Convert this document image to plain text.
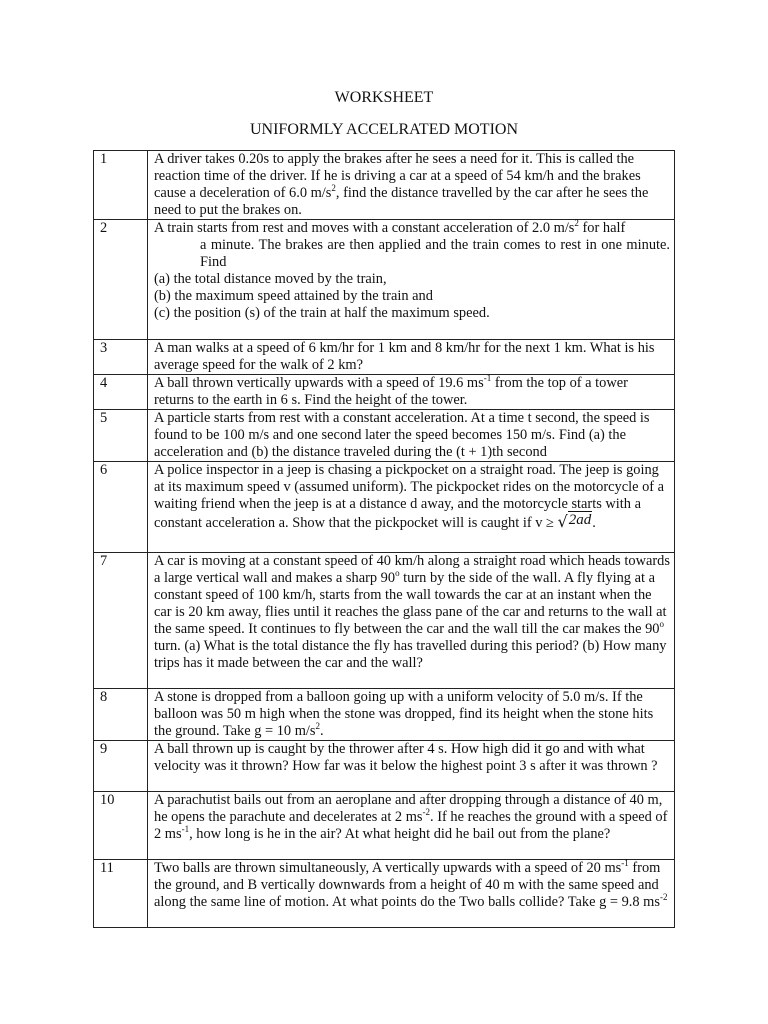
WORKSHEET
UNIFORMLY ACCELRATED MOTION
1	A driver takes 0.20s to apply the brakes after he sees a need for it. This is called the reaction time of the driver. If he is driving a car at a speed of 54 km/h and the brakes cause a deceleration of 6.0 $m/s^2$, find the distance travelled by the car after he sees the need to put the brakes on.
2	A train starts from rest and moves with a constant acceleration of 2.0 $m/s^2$ for half
a minute. The brakes are then applied and the train comes to rest in one minute. Find
(a) the total distance moved by the train,
(b) the maximum speed attained by the train and
(c) the position (s) of the train at half the maximum speed.

3	A man walks at a speed of 6 km/hr for 1 km and 8 km/hr for the next 1 km. What is his average speed for the walk of 2 km?
4	A ball thrown vertically upwards with a speed of 19.6 $ms^{-1}$ from the top of a tower returns to the earth in 6 s. Find the height of the tower.
5	A particle starts from rest with a constant acceleration. At a time t second, the speed is found to be 100 m/s and one second later the speed becomes 150 m/s. Find (a) the acceleration and (b) the distance traveled during the (t + 1)th second
6	A police inspector in a jeep is chasing a pickpocket on a straight road. The jeep is going at its maximum speed v (assumed uniform). The pickpocket rides on the motorcycle of a waiting friend when the jeep is at a distance d away, and the motorcycle starts with a constant acceleration a. Show that the pickpocket will is caught if v ≥ √2ad.
7	A car is moving at a constant speed of 40 km/h along a straight road which heads towards a large vertical wall and makes a sharp 90$^o$ turn by the side of the wall. A fly flying at a constant speed of 100 km/h, starts from the wall towards the car at an instant when the car is 20 km away, flies until it reaches the glass pane of the car and returns to the wall at the same speed. It continues to fly between the car and the wall till the car makes the 90$^o$ turn. (a) What is the total distance the fly has travelled during this period? (b) How many trips has it made between the car and the wall?
8	A stone is dropped from a balloon going up with a uniform velocity of 5.0 m/s. If the balloon was 50 m high when the stone was dropped, find its height when the stone hits the ground. Take g = 10 $m/s^2$.
9	A ball thrown up is caught by the thrower after 4 s. How high did it go and with what velocity was it thrown? How far was it below the highest point 3 s after it was thrown ?
10	A parachutist bails out from an aeroplane and after dropping through a distance of 40 m, he opens the parachute and decelerates at 2 $ms^{-2}$. If he reaches the ground with a speed of 2 $ms^{-1}$, how long is he in the air? At what height did he bail out from the plane?
11	Two balls are thrown simultaneously, A vertically upwards with a speed of 20 $ms^{-1}$ from the ground, and B vertically downwards from a height of 40 m with the same speed and along the same line of motion. At what points do the Two balls collide? Take g = 9.8 $ms^{-2}$
